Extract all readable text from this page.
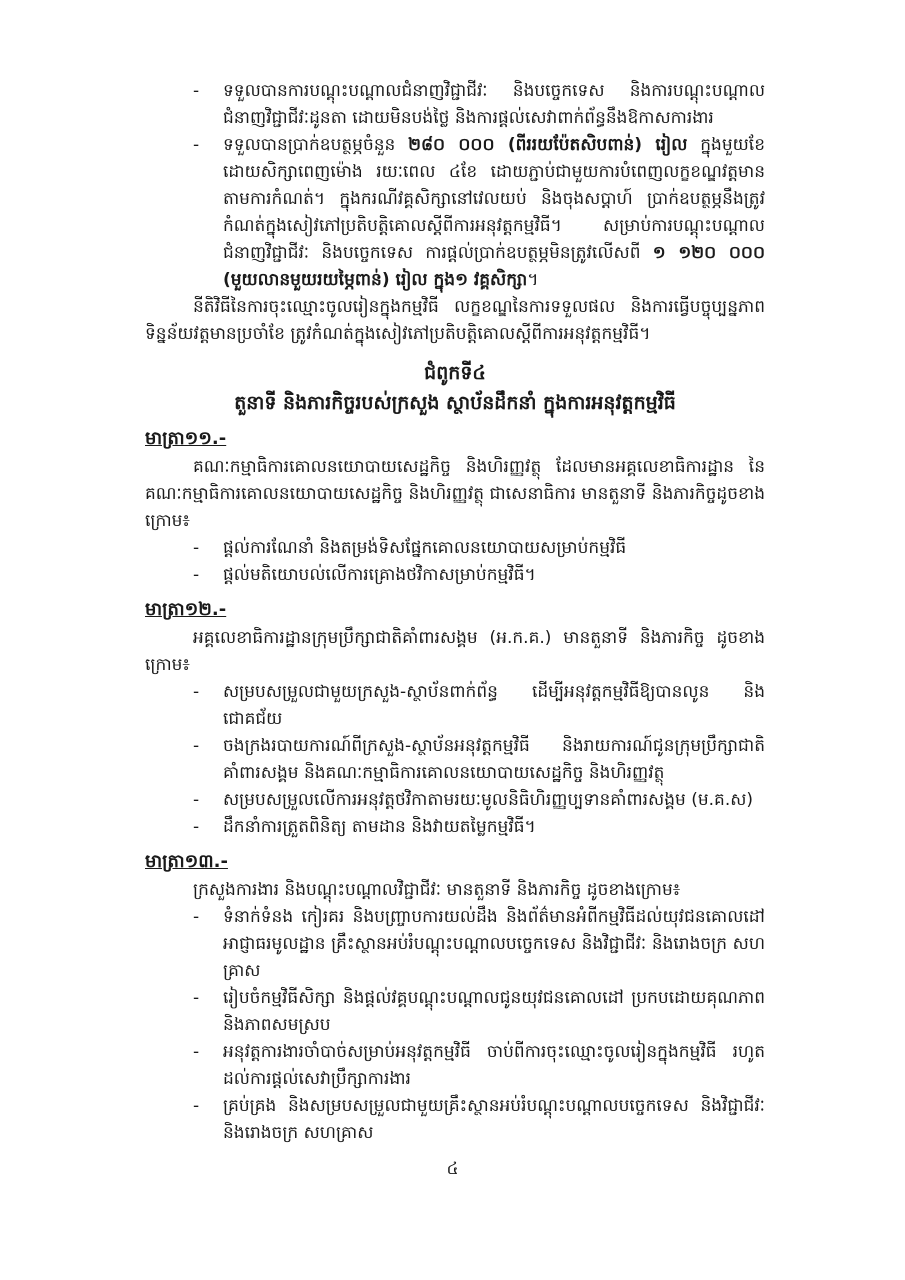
- ទទួលបានការបណ្តុះបណ្តាលជំនាញវិជ្ជាជីវៈ និងបច្ចេកទេស និងការបណ្តុះបណ្តាលជំនាញវិជ្ជាជីវៈដូនតា ដោយមិនបង់ថ្លៃ និងការផ្តល់សេវាពាក់ព័ន្ធនឹងឱកាសការងារ
- ទទួលបានប្រាក់ឧបត្ថម្ភចំនួន ២៨០ ០០០ (ពីររយប៉ែតសិបពាន់) រៀល ក្នុងមួយខែ ដោយសិក្សាពេញម៉ោង រយៈពេល ៤ខែ ដោយភ្ជាប់ជាមួយការបំពេញលក្ខខណ្ឌវត្តមានតាមការកំណត់។ ក្នុងករណីវគ្គសិក្សានៅវេលយប់ និងចុងសប្តាហ៍ ប្រាក់ឧបត្ថម្ភនឹងត្រូវកំណត់ក្នុងសៀវភៅប្រតិបត្តិគោលស្តីពីការអនុវត្តកម្មវិធី។ សម្រាប់ការបណ្តុះបណ្តាលជំនាញវិជ្ជាជីវៈ និងបច្ចេកទេស ការផ្តល់ប្រាក់ឧបត្ថម្ភមិនត្រូវលើសពី ១ ១២០ ០០០ (មួយលានមួយរយម្ភៃពាន់) រៀល ក្នុង១ វគ្គសិក្សា។

នីតិវិធីនៃការចុះឈ្មោះចូលរៀនក្នុងកម្មវិធី លក្ខខណ្ឌនៃការទទួលផល និងការធ្វើបច្ចុប្បន្នភាពទិន្នន័យវត្តមានប្រចាំខែ ត្រូវកំណត់ក្នុងសៀវភៅប្រតិបត្តិគោលស្តីពីការអនុវត្តកម្មវិធី។

ជំពូកទី៤
តួនាទី និងភារកិច្ចរបស់ក្រសួង ស្ថាប័នដឹកនាំ ក្នុងការអនុវត្តកម្មវិធី
មាត្រា១១.-

គណៈកម្មាធិការគោលនយោបាយសេដ្ឋកិច្ច និងហិរញ្ញវត្ថុ ដែលមានអគ្គលេខាធិការដ្ឋាន នៃគណៈកម្មាធិការគោលនយោបាយសេដ្ឋកិច្ច និងហិរញ្ញវត្ថុ ជាសេនាធិការ មានតួនាទី និងភារកិច្ចដូចខាងក្រោម៖

- ផ្តល់ការណែនាំ និងតម្រង់ទិសផ្នែកគោលនយោបាយសម្រាប់កម្មវិធី
- ផ្តល់មតិយោបល់លើការគ្រោងថវិកាសម្រាប់កម្មវិធី។
មាត្រា១២.-

អគ្គលេខាធិការដ្ឋានក្រុមប្រឹក្សាជាតិគាំពារសង្គម (អ.ក.គ.) មានតួនាទី និងភារកិច្ច ដូចខាងក្រោម៖

- សម្របសម្រួលជាមួយក្រសួង-ស្ថាប័នពាក់ព័ន្ធ ដើម្បីអនុវត្តកម្មវិធីឱ្យបានលូន និងជោគជ័យ
- ចងក្រងរបាយការណ៍ពីក្រសួង-ស្ថាប័នអនុវត្តកម្មវិធី និងរាយការណ៍ជូនក្រុមប្រឹក្សាជាតិគាំពារសង្គម និងគណៈកម្មាធិការគោលនយោបាយសេដ្ឋកិច្ច និងហិរញ្ញវត្ថុ
- សម្របសម្រួលលើការអនុវត្តថវិកាតាមរយៈមូលនិធិហិរញ្ញប្បទានគាំពារសង្គម (ម.គ.ស)
- ដឹកនាំការត្រួតពិនិត្យ តាមដាន និងវាយតម្លៃកម្មវិធី។
មាត្រា១៣.-

ក្រសួងការងារ និងបណ្តុះបណ្តាលវិជ្ជាជីវៈ មានតួនាទី និងភារកិច្ច ដូចខាងក្រោម៖

- ទំនាក់ទំនង កៀរគរ និងបញ្ច្រាបការយល់ដឹង និងព័ត៌មានអំពីកម្មវិធីដល់យុវជនគោលដៅ អាជ្ញាធរមូលដ្ឋាន គ្រឹះស្ថានអប់រំបណ្តុះបណ្តាលបច្ចេកទេស និងវិជ្ជាជីវៈ និងរោងចក្រ សហគ្រាស
- រៀបចំកម្មវិធីសិក្សា និងផ្តល់វគ្គបណ្តុះបណ្តាលជូនយុវជនគោលដៅ ប្រកបដោយគុណភាព និងភាពសមស្រប
- អនុវត្តការងារចាំបាច់សម្រាប់អនុវត្តកម្មវិធី ចាប់ពីការចុះឈ្មោះចូលរៀនក្នុងកម្មវិធី រហូតដល់ការផ្តល់សេវាប្រឹក្សាការងារ
- គ្រប់គ្រង និងសម្របសម្រួលជាមួយគ្រឹះស្ថានអប់រំបណ្តុះបណ្តាលបច្ចេកទេស និងវិជ្ជាជីវៈ និងរោងចក្រ សហគ្រាស
៤
